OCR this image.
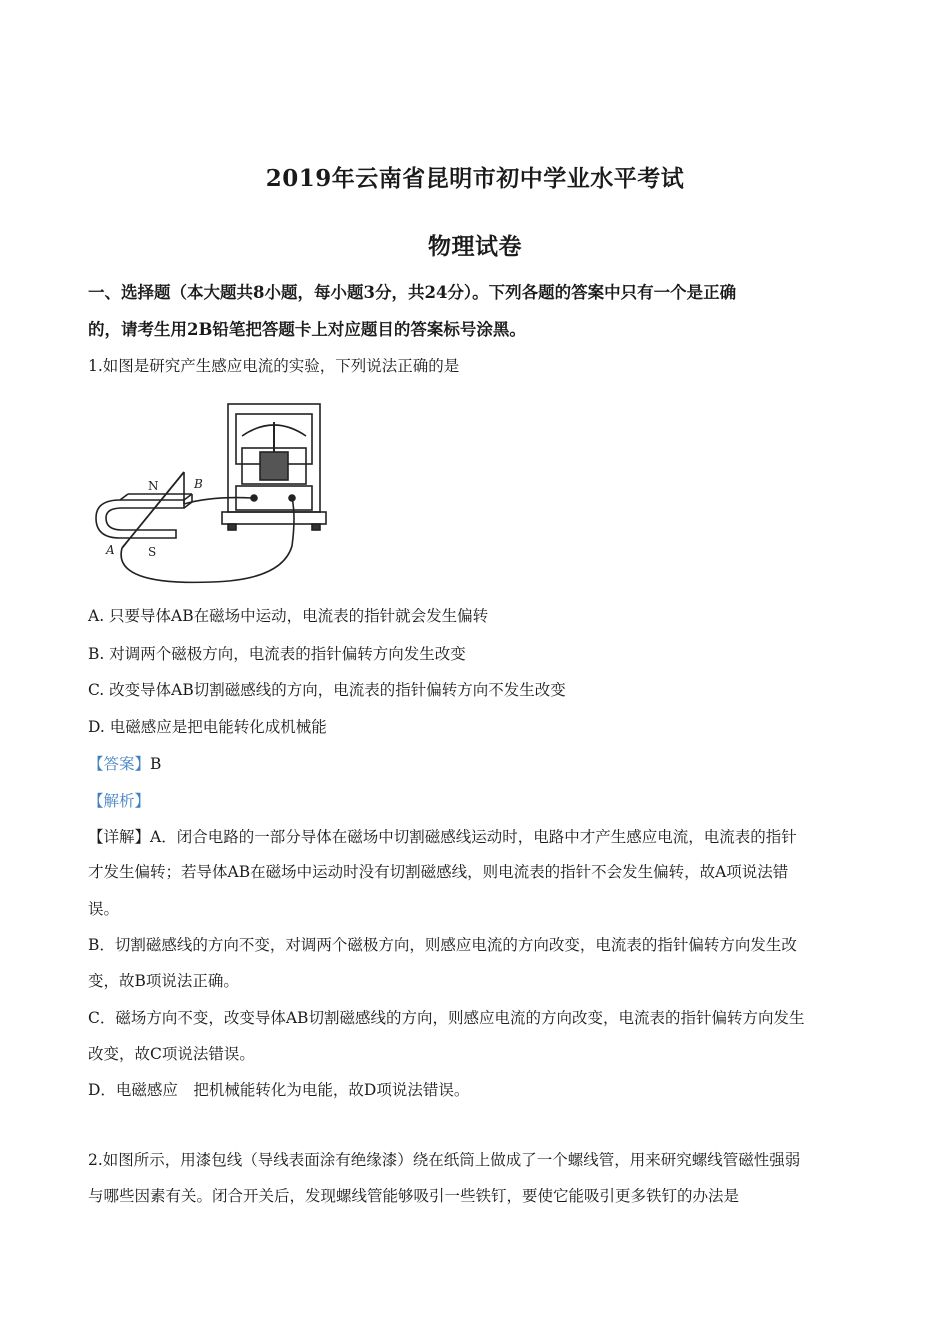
2019年云南省昆明市初中学业水平考试
物理试卷
一、选择题（本大题共8小题，每小题3分，共24分）。下列各题的答案中只有一个是正确
的，请考生用2B铅笔把答题卡上对应题目的答案标号涂黑。
1.如图是研究产生感应电流的实验，下列说法正确的是
N
S
A
B
A. 只要导体AB在磁场中运动，电流表的指针就会发生偏转
B. 对调两个磁极方向，电流表的指针偏转方向发生改变
C. 改变导体AB切割磁感线的方向，电流表的指针偏转方向不发生改变
D. 电磁感应是把电能转化成机械能
【答案】B
【解析】
【详解】A．闭合电路的一部分导体在磁场中切割磁感线运动时，电路中才产生感应电流，电流表的指针
才发生偏转；若导体AB在磁场中运动时没有切割磁感线，则电流表的指针不会发生偏转，故A项说法错
误。
B．切割磁感线的方向不变，对调两个磁极方向，则感应电流的方向改变，电流表的指针偏转方向发生改
变，故B项说法正确。
C．磁场方向不变，改变导体AB切割磁感线的方向，则感应电流的方向改变，电流表的指针偏转方向发生
改变，故C项说法错误。
D．电磁感应　把机械能转化为电能，故D项说法错误。
2.如图所示，用漆包线（导线表面涂有绝缘漆）绕在纸筒上做成了一个螺线管，用来研究螺线管磁性强弱
与哪些因素有关。闭合开关后，发现螺线管能够吸引一些铁钉，要使它能吸引更多铁钉的办法是
